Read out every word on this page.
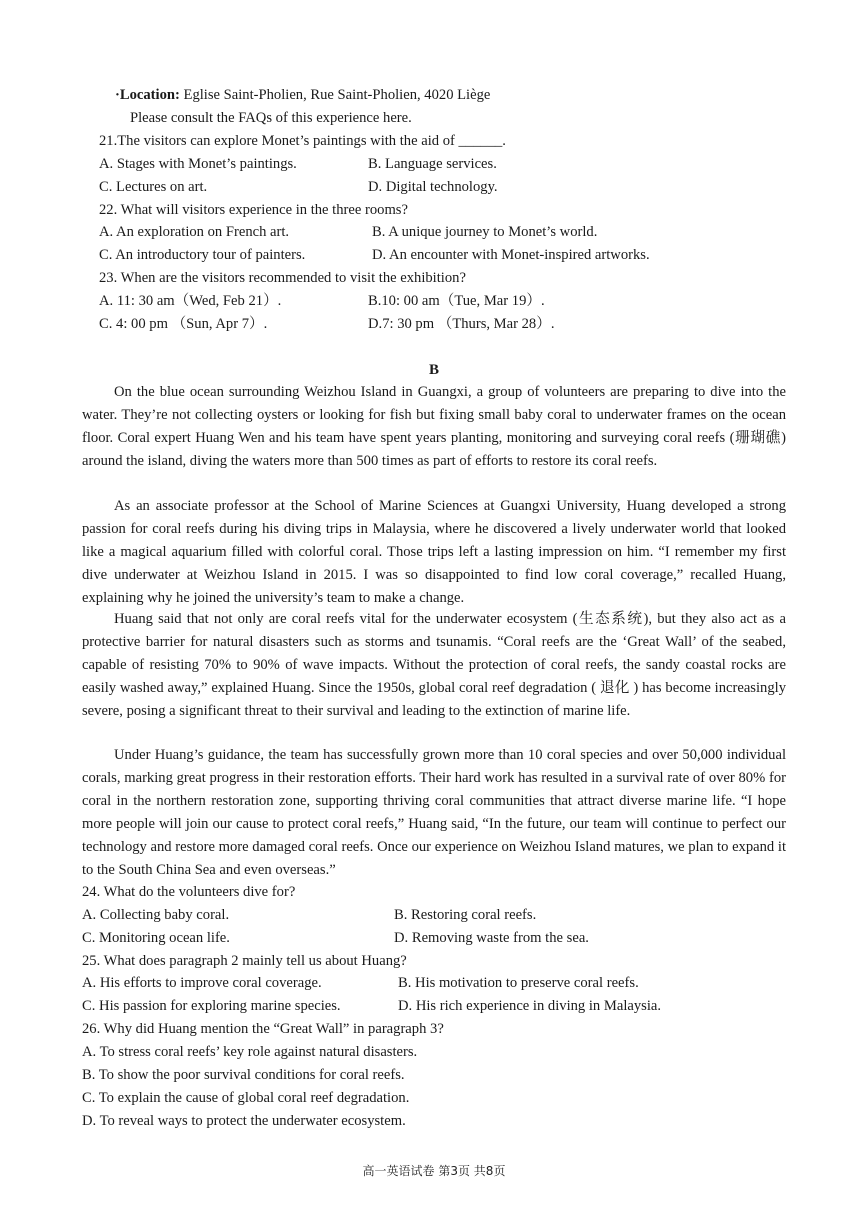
·Location: Eglise Saint-Pholien, Rue Saint-Pholien, 4020 Liège
Please consult the FAQs of this experience here.
21.The visitors can explore Monet’s paintings with the aid of ______.
A. Stages with Monet’s paintings.	B. Language services.
C. Lectures on art.	D. Digital technology.
22. What will visitors experience in the three rooms?
A. An exploration on French art.	B. A unique journey to Monet’s world.
C. An introductory tour of painters.	D. An encounter with Monet-inspired artworks.
23. When are the visitors recommended to visit the exhibition?
A. 11: 30 am（Wed, Feb 21）.	B.10: 00 am（Tue, Mar 19）.
C. 4: 00 pm （Sun, Apr 7）.	D.7: 30 pm （Thurs, Mar 28）.
B

On the blue ocean surrounding Weizhou Island in Guangxi, a group of volunteers are preparing to dive into the water. They’re not collecting oysters or looking for fish but fixing small baby coral to underwater frames on the ocean floor. Coral expert Huang Wen and his team have spent years planting, monitoring and surveying coral reefs (珊瑚礁) around the island, diving the waters more than 500 times as part of efforts to restore its coral reefs.

As an associate professor at the School of Marine Sciences at Guangxi University, Huang developed a strong passion for coral reefs during his diving trips in Malaysia, where he discovered a lively underwater world that looked like a magical aquarium filled with colorful coral. Those trips left a lasting impression on him. “I remember my first dive underwater at Weizhou Island in 2015. I was so disappointed to find low coral coverage,” recalled Huang, explaining why he joined the university’s team to make a change.

Huang said that not only are coral reefs vital for the underwater ecosystem (生态系统), but they also act as a protective barrier for natural disasters such as storms and tsunamis. “Coral reefs are the ‘Great Wall’ of the seabed, capable of resisting 70% to 90% of wave impacts. Without the protection of coral reefs, the sandy coastal rocks are easily washed away,” explained Huang. Since the 1950s, global coral reef degradation ( 退化 ) has become increasingly severe, posing a significant threat to their survival and leading to the extinction of marine life.

Under Huang’s guidance, the team has successfully grown more than 10 coral species and over 50,000 individual corals, marking great progress in their restoration efforts. Their hard work has resulted in a survival rate of over 80% for coral in the northern restoration zone, supporting thriving coral communities that attract diverse marine life. “I hope more people will join our cause to protect coral reefs,” Huang said, “In the future, our team will continue to perfect our technology and restore more damaged coral reefs. Once our experience on Weizhou Island matures, we plan to expand it to the South China Sea and even overseas.”

24. What do the volunteers dive for?
A. Collecting baby coral.	B. Restoring coral reefs.
C. Monitoring ocean life.	D. Removing waste from the sea.
25. What does paragraph 2 mainly tell us about Huang?
A. His efforts to improve coral coverage.	B. His motivation to preserve coral reefs.
C. His passion for exploring marine species.	D. His rich experience in diving in Malaysia.
26. Why did Huang mention the “Great Wall” in paragraph 3?
A. To stress coral reefs’ key role against natural disasters.
B. To show the poor survival conditions for coral reefs.
C. To explain the cause of global coral reef degradation.
D. To reveal ways to protect the underwater ecosystem.
高一英语试卷 第3页 共8页
